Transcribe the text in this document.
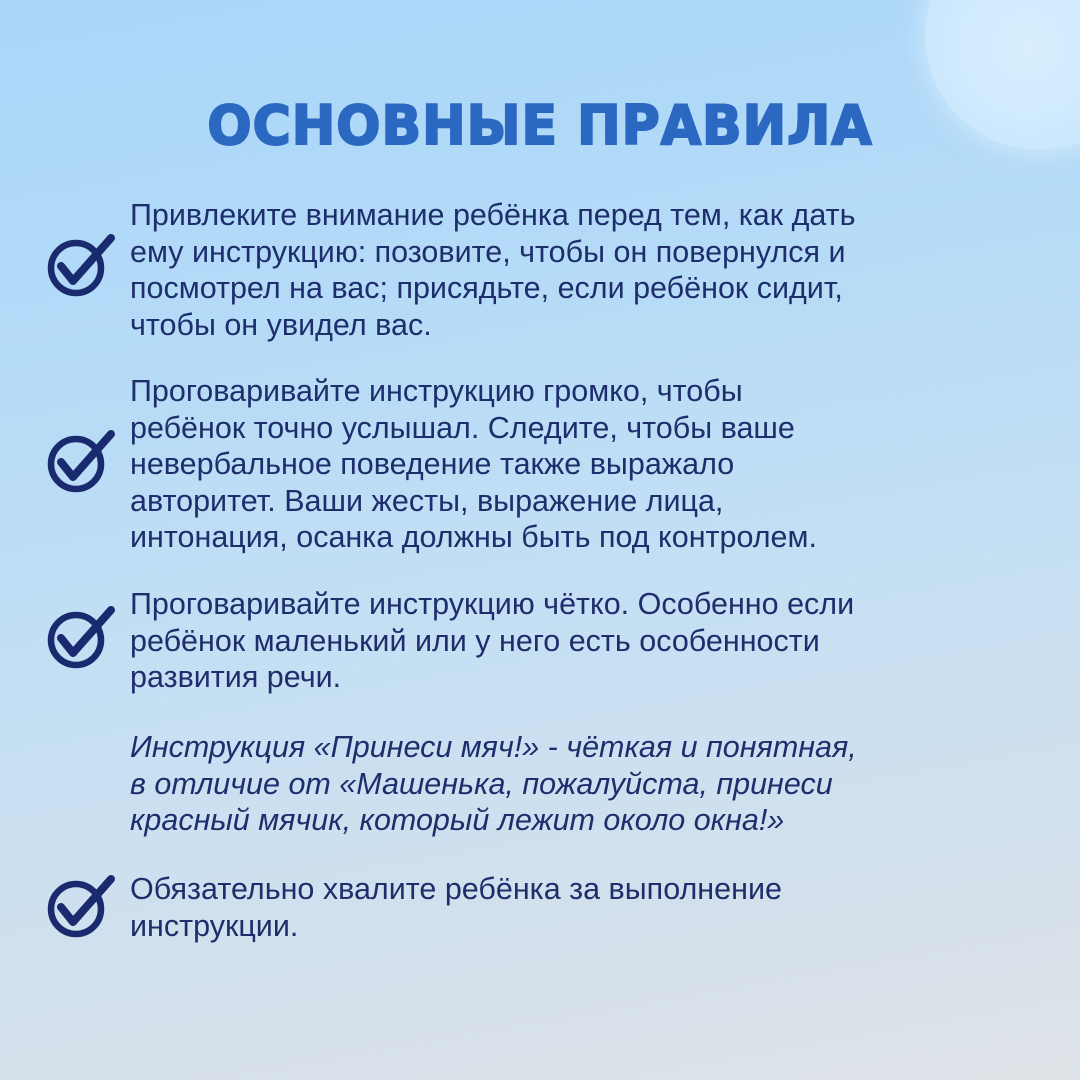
ОСНОВНЫЕ ПРАВИЛА

Привлеките внимание ребёнка перед тем, как дать

ему инструкцию: позовите, чтобы он повернулся и

посмотрел на вас; присядьте, если ребёнок сидит,

чтобы он увидел вас.

Проговаривайте инструкцию громко, чтобы

ребёнок точно услышал. Следите, чтобы ваше

невербальное поведение также выражало

авторитет. Ваши жесты, выражение лица,

интонация, осанка должны быть под контролем.

Проговаривайте инструкцию чётко. Особенно если

ребёнок маленький или у него есть особенности

развития речи.

Инструкция «Принеси мяч!» - чёткая и понятная,

в отличие от «Машенька, пожалуйста, принеси

красный мячик, который лежит около окна!»

Обязательно хвалите ребёнка за выполнение

инструкции.
